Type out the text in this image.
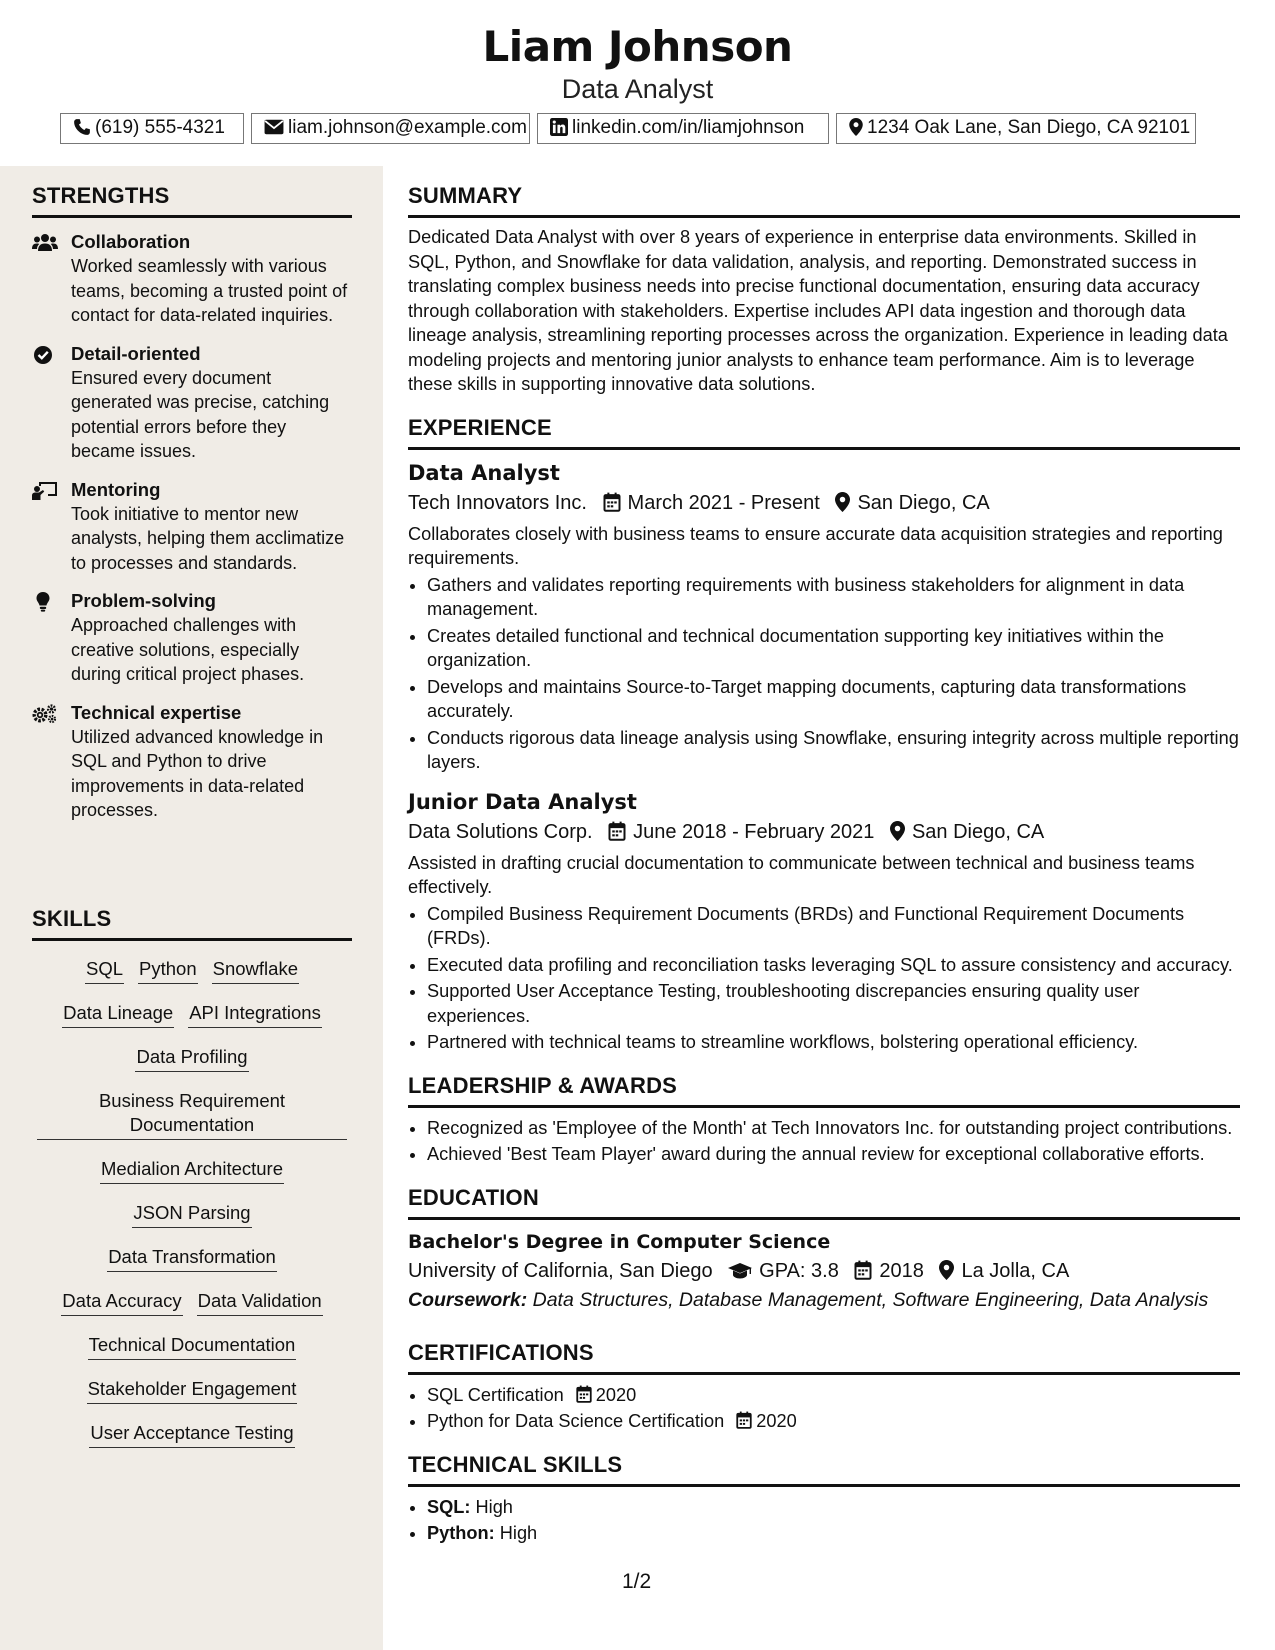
Liam Johnson
Data Analyst
(619) 555-4321	liam.johnson@example.com	linkedin.com/in/liamjohnson	1234 Oak Lane, San Diego, CA 92101
STRENGTHS
Collaboration
Worked seamlessly with various teams, becoming a trusted point of contact for data-related inquiries.
Detail-oriented
Ensured every document generated was precise, catching potential errors before they became issues.
Mentoring
Took initiative to mentor new analysts, helping them acclimatize to processes and standards.
Problem-solving
Approached challenges with creative solutions, especially during critical project phases.
Technical expertise
Utilized advanced knowledge in SQL and Python to drive improvements in data-related processes.
SKILLS
SQL Python Snowflake
Data Lineage API Integrations
Data Profiling
Business Requirement Documentation
Medialion Architecture
JSON Parsing
Data Transformation
Data Accuracy Data Validation
Technical Documentation
Stakeholder Engagement
User Acceptance Testing
SUMMARY
Dedicated Data Analyst with over 8 years of experience in enterprise data environments. Skilled in SQL, Python, and Snowflake for data validation, analysis, and reporting. Demonstrated success in translating complex business needs into precise functional documentation, ensuring data accuracy through collaboration with stakeholders. Expertise includes API data ingestion and thorough data lineage analysis, streamlining reporting processes across the organization. Experience in leading data modeling projects and mentoring junior analysts to enhance team performance. Aim is to leverage these skills in supporting innovative data solutions.
EXPERIENCE
Data Analyst
Tech Innovators Inc. March 2021 - Present San Diego, CA
Collaborates closely with business teams to ensure accurate data acquisition strategies and reporting requirements.
• Gathers and validates reporting requirements with business stakeholders for alignment in data management.
• Creates detailed functional and technical documentation supporting key initiatives within the organization.
• Develops and maintains Source-to-Target mapping documents, capturing data transformations accurately.
• Conducts rigorous data lineage analysis using Snowflake, ensuring integrity across multiple reporting layers.
Junior Data Analyst
Data Solutions Corp. June 2018 - February 2021 San Diego, CA
Assisted in drafting crucial documentation to communicate between technical and business teams effectively.
• Compiled Business Requirement Documents (BRDs) and Functional Requirement Documents (FRDs).
• Executed data profiling and reconciliation tasks leveraging SQL to assure consistency and accuracy.
• Supported User Acceptance Testing, troubleshooting discrepancies ensuring quality user experiences.
• Partnered with technical teams to streamline workflows, bolstering operational efficiency.
LEADERSHIP & AWARDS
• Recognized as 'Employee of the Month' at Tech Innovators Inc. for outstanding project contributions.
• Achieved 'Best Team Player' award during the annual review for exceptional collaborative efforts.
EDUCATION
Bachelor's Degree in Computer Science
University of California, San Diego GPA: 3.8 2018 La Jolla, CA
Coursework: Data Structures, Database Management, Software Engineering, Data Analysis
CERTIFICATIONS
• SQL Certification 2020
• Python for Data Science Certification 2020
TECHNICAL SKILLS
• SQL: High
• Python: High
1/2
